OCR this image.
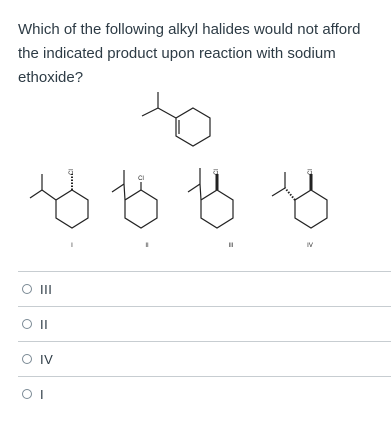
Which of the following alkyl halides would not afford the indicated product upon reaction with sodium ethoxide?

Cl
Cl
Cl	Cl
I	II	III	IV
III
II
IV
I
